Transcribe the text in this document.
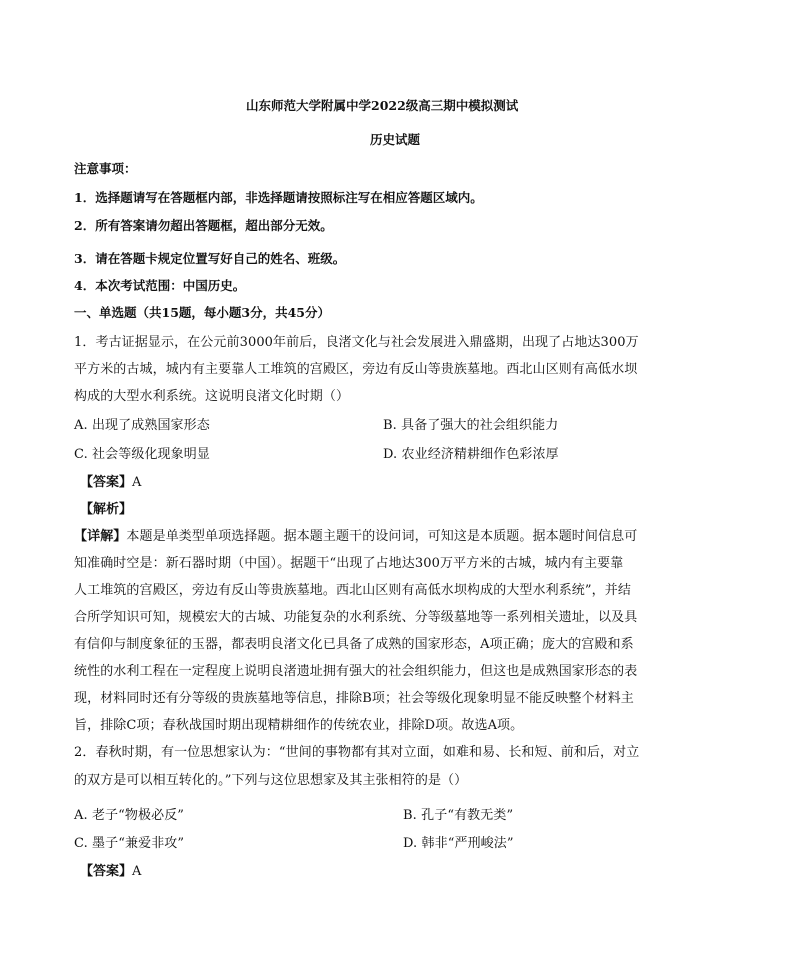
山东师范大学附属中学2022级高三期中模拟测试
历史试题
注意事项：
1．选择题请写在答题框内部，非选择题请按照标注写在相应答题区域内。
2．所有答案请勿超出答题框，超出部分无效。
3．请在答题卡规定位置写好自己的姓名、班级。
4．本次考试范围：中国历史。
一、单选题（共15题，每小题3分，共45分）
1．考古证据显示，在公元前3000年前后，良渚文化与社会发展进入鼎盛期，出现了占地达300万
平方米的古城，城内有主要靠人工堆筑的宫殿区，旁边有反山等贵族墓地。西北山区则有高低水坝
构成的大型水利系统。这说明良渚文化时期（）
A. 出现了成熟国家形态	B. 具备了强大的社会组织能力
C. 社会等级化现象明显	D. 农业经济精耕细作色彩浓厚
【答案】A
【解析】
【详解】本题是单类型单项选择题。据本题主题干的设问词，可知这是本质题。据本题时间信息可
知准确时空是：新石器时期（中国）。据题干“出现了占地达300万平方米的古城，城内有主要靠
人工堆筑的宫殿区，旁边有反山等贵族墓地。西北山区则有高低水坝构成的大型水利系统”，并结
合所学知识可知，规模宏大的古城、功能复杂的水利系统、分等级墓地等一系列相关遗址，以及具
有信仰与制度象征的玉器，都表明良渚文化已具备了成熟的国家形态，A项正确；庞大的宫殿和系
统性的水利工程在一定程度上说明良渚遗址拥有强大的社会组织能力，但这也是成熟国家形态的表
现，材料同时还有分等级的贵族墓地等信息，排除B项；社会等级化现象明显不能反映整个材料主
旨，排除C项；春秋战国时期出现精耕细作的传统农业，排除D项。故选A项。
2．春秋时期，有一位思想家认为：“世间的事物都有其对立面，如难和易、长和短、前和后，对立
的双方是可以相互转化的。”下列与这位思想家及其主张相符的是（）
A. 老子“物极必反”	B. 孔子“有教无类”
C. 墨子“兼爱非攻”	D. 韩非“严刑峻法”
【答案】A
